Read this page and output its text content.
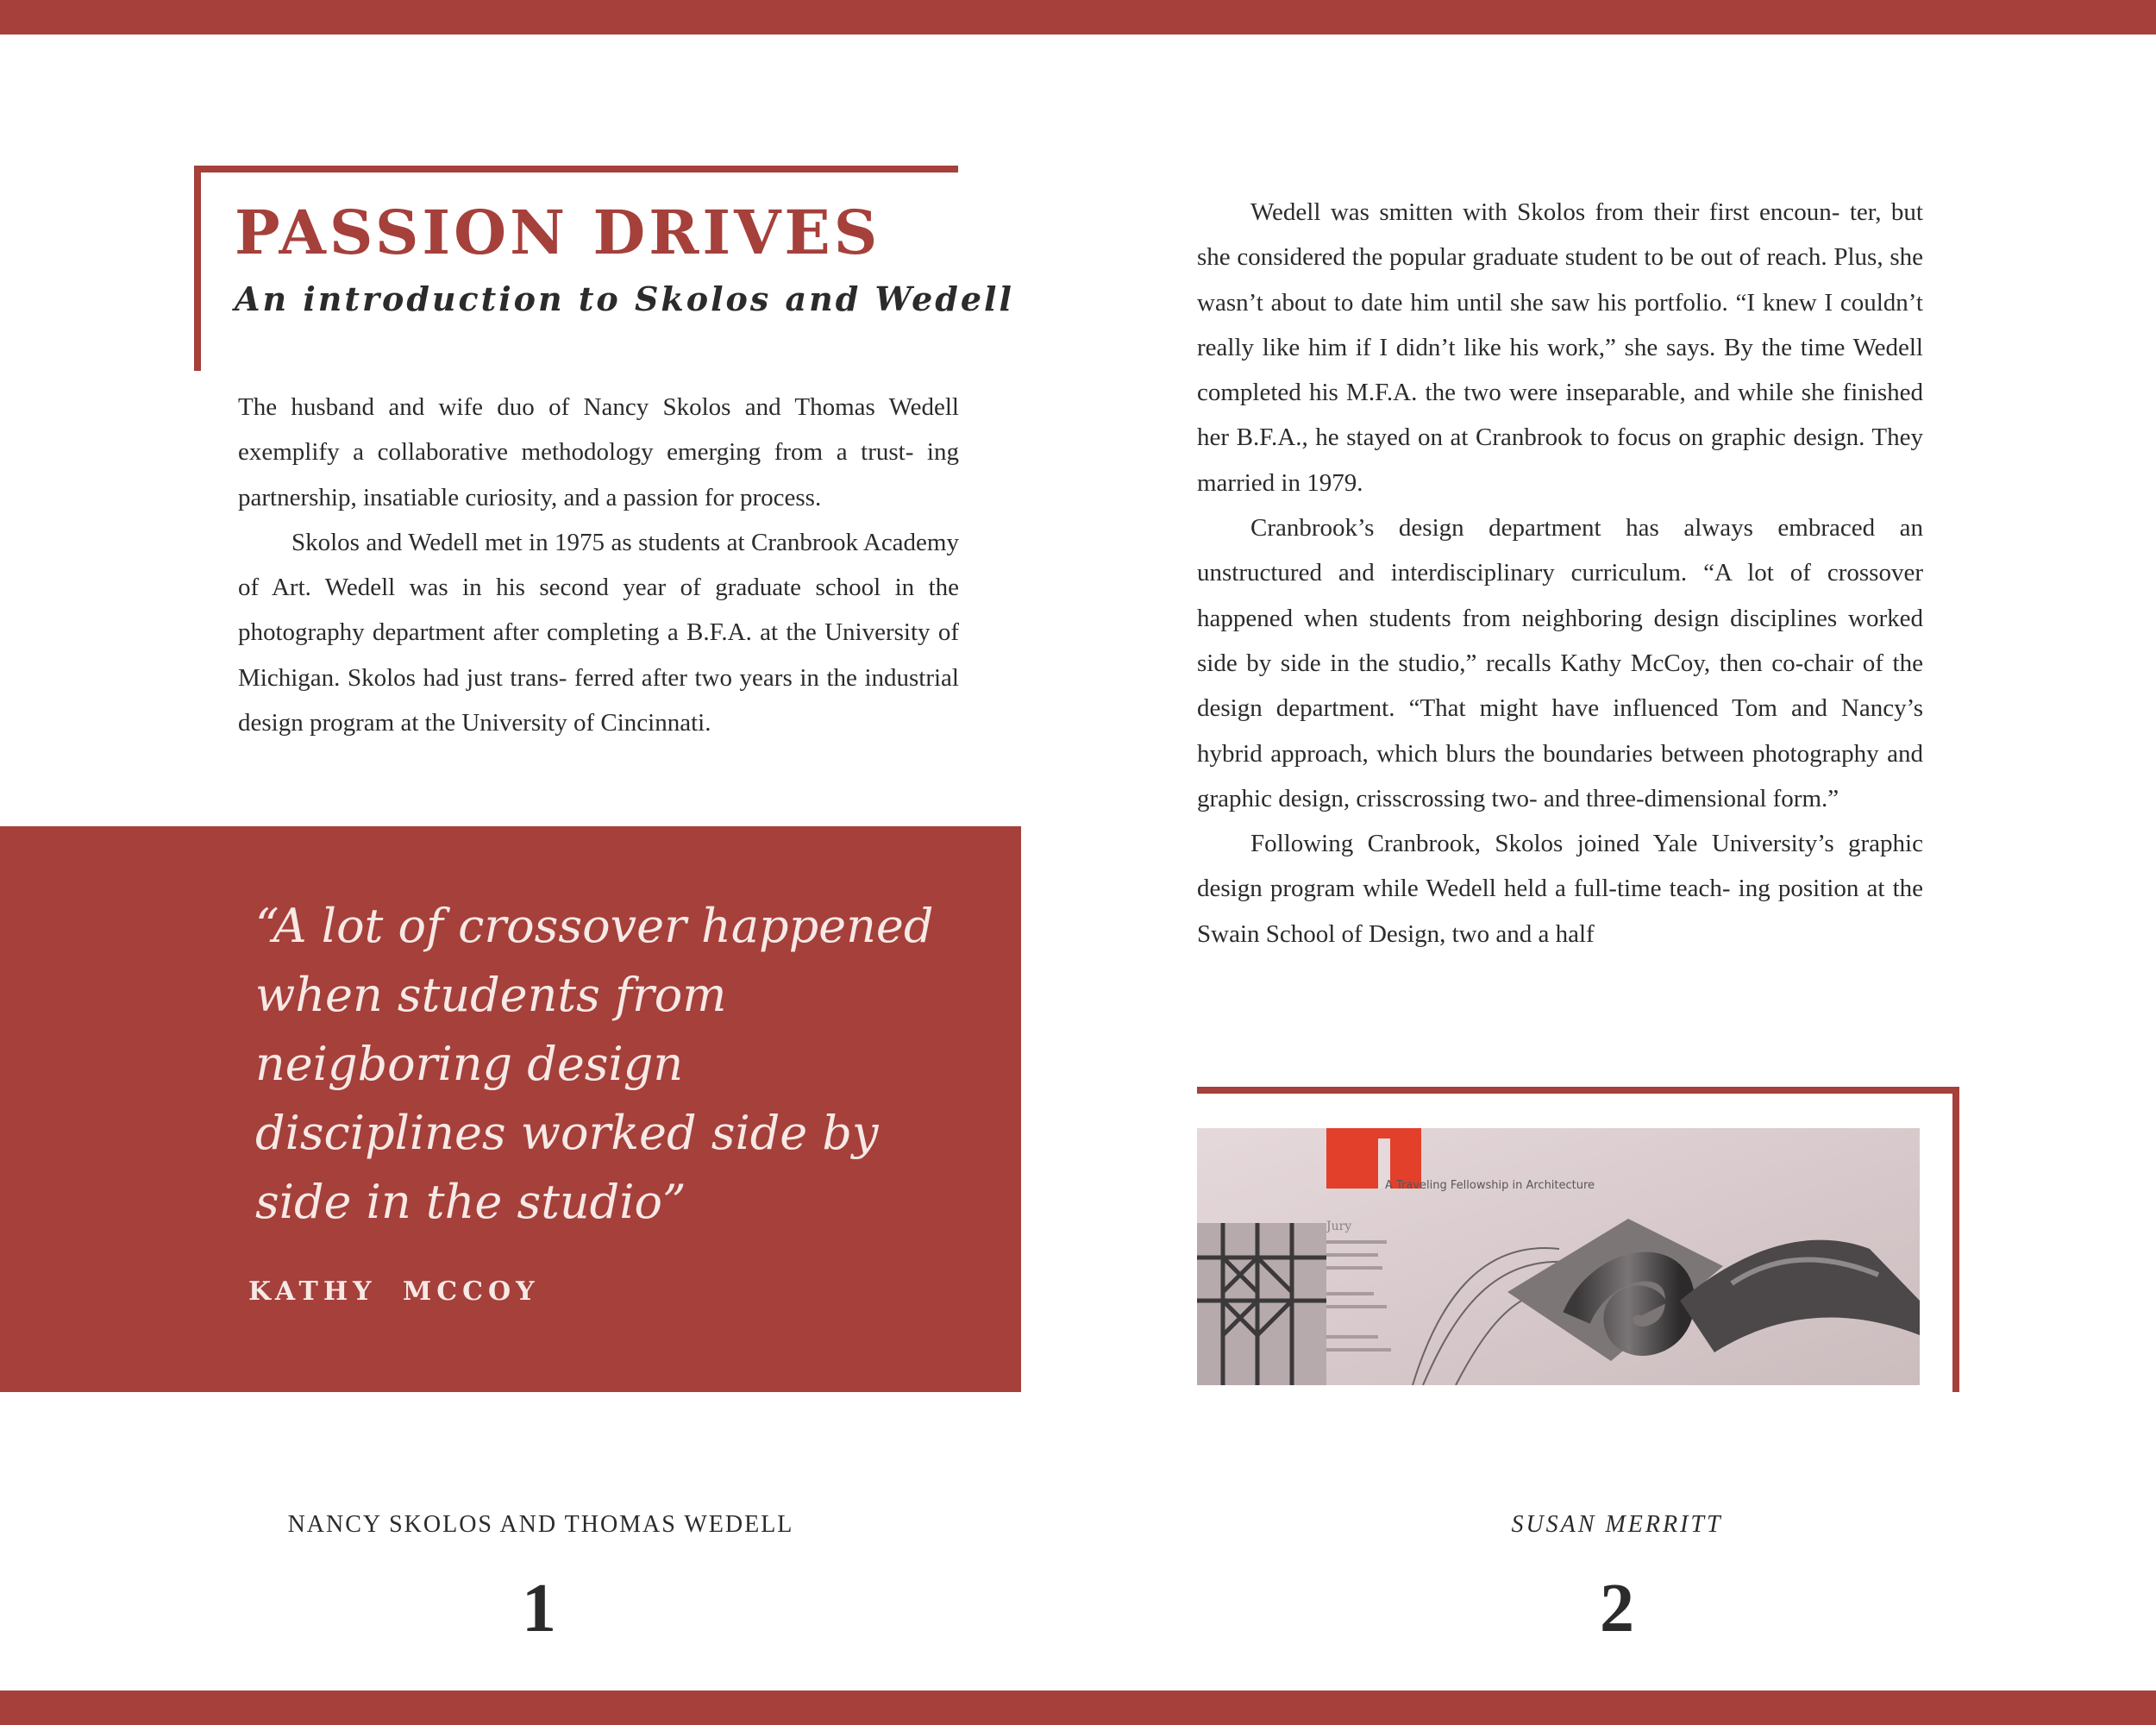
PASSION DRIVES
An introduction to Skolos and Wedell

The husband and wife duo of Nancy Skolos and Thomas Wedell exemplify a collaborative methodology emerging from a trust- ing partnership, insatiable curiosity, and a passion for process.

Skolos and Wedell met in 1975 as students at Cranbrook Academy of Art. Wedell was in his second year of graduate school in the photography department after completing a B.F.A. at the University of Michigan. Skolos had just trans- ferred after two years in the industrial design program at the University of Cincinnati.

“A lot of crossover happened when students from neigboring design disciplines worked side by side in the studio”

KATHY MCCOY

NANCY SKOLOS AND THOMAS WEDELL
1

Wedell was smitten with Skolos from their first encoun- ter, but she considered the popular graduate student to be out of reach. Plus, she wasn’t about to date him until she saw his portfolio. “I knew I couldn’t really like him if I didn’t like his work,” she says. By the time Wedell completed his M.F.A. the two were inseparable, and while she finished her B.F.A., he stayed on at Cranbrook to focus on graphic design. They married in 1979.

Cranbrook’s design department has always embraced an unstructured and interdisciplinary curriculum. “A lot of crossover happened when students from neighboring design disciplines worked side by side in the studio,” recalls Kathy McCoy, then co-chair of the design department. “That might have influenced Tom and Nancy’s hybrid approach, which blurs the boundaries between photography and graphic design, crisscrossing two- and three-dimensional form.”

Following Cranbrook, Skolos joined Yale University’s graphic design program while Wedell held a full-time teach- ing position at the Swain School of Design, two and a half

A Traveling Fellowship in Architecture
Jury
SUSAN MERRITT
2
